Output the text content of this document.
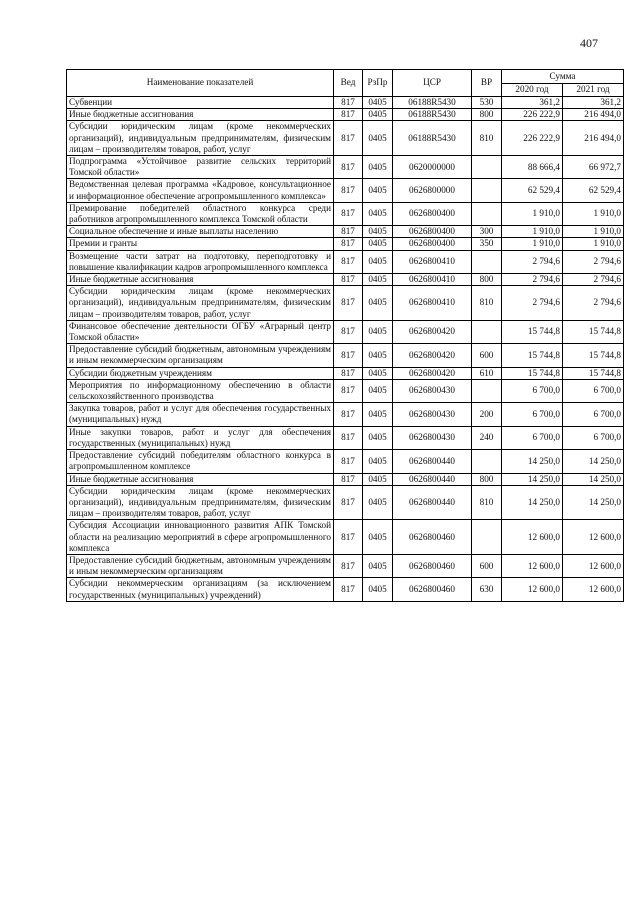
407
Наименование показателей	Вед	РзПр	ЦСР	ВР	Сумма	
					2020 год	2021 год
Субвенции	817	0405	06188R5430	530	361,2	361,2
Иные бюджетные ассигнования	817	0405	06188R5430	800	226 222,9	216 494,0
Субсидии юридическим лицам (кроме некоммерческих организаций), индивидуальным предпринимателям, физическим лицам – производителям товаров, работ, услуг	817	0405	06188R5430	810	226 222,9	216 494,0
Подпрограмма «Устойчивое развитие сельских территорий Томской области»	817	0405	0620000000		88 666,4	66 972,7
Ведомственная целевая программа «Кадровое, консультационное и информационное обеспечение агропромышленного комплекса»	817	0405	0626800000		62 529,4	62 529,4
Премирование победителей областного конкурса среди работников агропромышленного комплекса Томской области	817	0405	0626800400		1 910,0	1 910,0
Социальное обеспечение и иные выплаты населению	817	0405	0626800400	300	1 910,0	1 910,0
Премии и гранты	817	0405	0626800400	350	1 910,0	1 910,0
Возмещение части затрат на подготовку, переподготовку и повышение квалификации кадров агропромышленного комплекса	817	0405	0626800410		2 794,6	2 794,6
Иные бюджетные ассигнования	817	0405	0626800410	800	2 794,6	2 794,6
Субсидии юридическим лицам (кроме некоммерческих организаций), индивидуальным предпринимателям, физическим лицам – производителям товаров, работ, услуг	817	0405	0626800410	810	2 794,6	2 794,6
Финансовое обеспечение деятельности ОГБУ «Аграрный центр Томской области»	817	0405	0626800420		15 744,8	15 744,8
Предоставление субсидий бюджетным, автономным учреждениям и иным некоммерческим организациям	817	0405	0626800420	600	15 744,8	15 744,8
Субсидии бюджетным учреждениям	817	0405	0626800420	610	15 744,8	15 744,8
Мероприятия по информационному обеспечению в области сельскохозяйственного производства	817	0405	0626800430		6 700,0	6 700,0
Закупка товаров, работ и услуг для обеспечения государственных (муниципальных) нужд	817	0405	0626800430	200	6 700,0	6 700,0
Иные закупки товаров, работ и услуг для обеспечения государственных (муниципальных) нужд	817	0405	0626800430	240	6 700,0	6 700,0
Предоставление субсидий победителям областного конкурса в агропромышленном комплексе	817	0405	0626800440		14 250,0	14 250,0
Иные бюджетные ассигнования	817	0405	0626800440	800	14 250,0	14 250,0
Субсидии юридическим лицам (кроме некоммерческих организаций), индивидуальным предпринимателям, физическим лицам – производителям товаров, работ, услуг	817	0405	0626800440	810	14 250,0	14 250,0
Субсидия Ассоциации инновационного развития АПК Томской области на реализацию мероприятий в сфере агропромышленного комплекса	817	0405	0626800460		12 600,0	12 600,0
Предоставление субсидий бюджетным, автономным учреждениям и иным некоммерческим организациям	817	0405	0626800460	600	12 600,0	12 600,0
Субсидии некоммерческим организациям (за исключением государственных (муниципальных) учреждений)	817	0405	0626800460	630	12 600,0	12 600,0
